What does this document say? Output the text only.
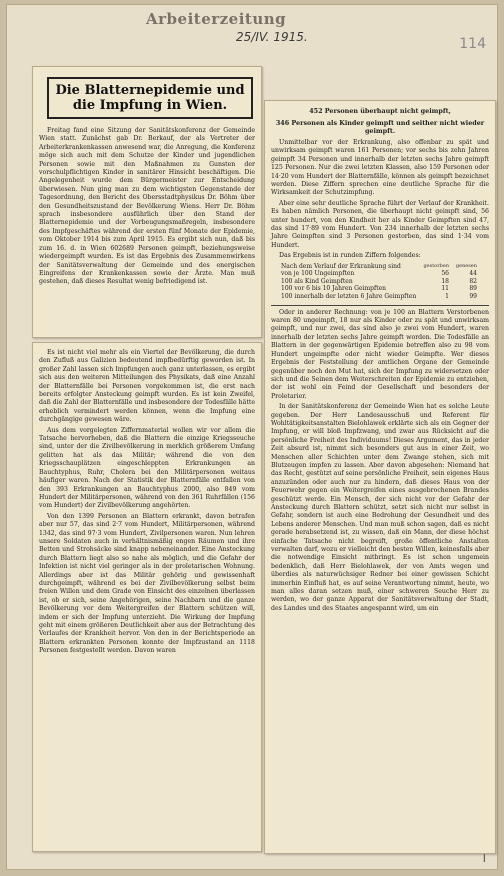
Arbeiterzeitung
25/IV. 1915.	114
Die Blatternepidemie und die Impfung in Wien.

Freitag fand eine Sitzung der Sanitätskonferenz der Gemeinde Wien statt. Zunächst gab Dr. Berkauf, der als Vertreter der Arbeiterkrankenkassen anwesend war, die Anregung, die Konferenz möge sich auch mit dem Schutze der Kinder und jugendlichen Personen sowie mit den Maßnahmen zu Gunsten der vorschulpflichtigen Kinder in sanitärer Hinsicht beschäftigen. Die Angelegenheit wurde dem Bürgermeister zur Entscheidung überwiesen. Nun ging man zu dem wichtigsten Gegenstande der Tagesordnung, den Bericht des Obersstadtphysikus Dr. Böhm über den Gesundheitszustand der Bevölkerung Wiens. Herr Dr. Böhm sprach insbesondere ausführlich über den Stand der Blatternepidemie und der Vorbeugungsmaßregeln, insbesondere des Impfgeschäftes während der ersten fünf Monate der Epidemie, vom Oktober 1914 bis zum April 1915. Es ergibt sich nun, daß bis zum 16. d. in Wien 602689 Personen geimpft, beziehungsweise wiedergeimpft wurden. Es ist das Ergebnis des Zusammenwirkens der Sanitätsverwaltung der Gemeinde und des energischen Eingreifens der Krankenkassen sowie der Ärzte. Man muß gestehen, daß dieses Resultat wenig befriedigend ist.

Es ist nicht viel mehr als ein Viertel der Bevölkerung, die durch den Zufluß aus Galizien bedeutend impfbedürftig geworden ist. In großer Zahl lassen sich Impfungen auch ganz unterlassen, es ergibt sich aus den weiteren Mitteilungen des Physikats, daß eine Anzahl der Blatternfälle bei Personen vorgekommen ist, die erst nach bereits erfolgter Ansteckung geimpft wurden. Es ist kein Zweifel, daß die Zahl der Blatternfälle und insbesondere der Todesfälle hätte erheblich vermindert werden können, wenn die Impfung eine durchgängige gewesen wäre.

Aus dem vorgelegten Ziffernmaterial wollen wir vor allem die Tatsache hervorheben, daß die Blattern die einzige Kriegsseuche sind, unter der die Zivilbevölkerung in merklich größerem Umfang gelitten hat als das Militär; während die von den Kriegsschauplätzen eingeschleppten Erkrankungen an Bauchtyphus, Ruhr, Cholera bei den Militärpersonen weitaus häufiger waren. Nach der Statistik der Blatternfälle entfallen von den 393 Erkrankungen an Bauchtyphus 2000, also 849 vom Hundert der Militärpersonen, während von den 361 Ruhrfällen (156 vom Hundert) der Zivilbevölkerung angehörten.

Von den 1399 Personen an Blattern erkrankt, davon betrafen aber nur 57, das sind 2·7 vom Hundert, Militärpersonen, während 1342, das sind 97·3 vom Hundert, Zivilpersonen waren. Nun lehren unsere Soldaten auch in verhältnismäßig engen Räumen und ihre Betten und Strohsäcke sind knapp nebeneinander. Eine Ansteckung durch Blattern liegt also so nahe als möglich, und die Gefahr der Infektion ist nicht viel geringer als in der proletarischen Wohnung. Allerdings aber ist das Militär gehörig und gewissenhaft durchgeimpft, während es bei der Zivilbevölkerung selbst beim freien Willen und dem Grade von Einsicht des einzelnen überlassen ist, ob er sich, seine Angehörigen, seine Nachbarn und die ganze Bevölkerung vor dem Weitergreifen der Blattern schützen will, indem er sich der Impfung unterzieht. Die Wirkung der Impfung geht mit einem größeren Deutlichkeit aber aus der Betrachtung des Verlaufes der Krankheit hervor. Von den in der Berichtsperiode an Blattern erkrankten Personen konnte der Impfzustand an 1118 Personen festgestellt werden. Davon waren

452 Personen überhaupt nicht geimpft,
346 Personen als Kinder geimpft und seither nicht wieder geimpft.

Unmittelbar vor der Erkrankung, also offenbar zu spät und unwirksam geimpft waren 161 Personen; vor sechs bis zehn Jahren geimpft 34 Personen und innerhalb der letzten sechs Jahre geimpft 125 Personen. Nur die zwei letzten Klassen, also 159 Personen oder 14·20 vom Hundert der Blatternfälle, können als geimpft bezeichnet werden. Diese Ziffern sprechen eine deutliche Sprache für die Wirksamkeit der Schutzimpfung.

Aber eine sehr deutliche Sprache führt der Verlauf der Krankheit. Es haben nämlich Personen, die überhaupt nicht geimpft sind, 56 unter hundert, von den Kindheit her als Kinder Geimpften sind 47, das sind 17·89 vom Hundert. Von 234 innerhalb der letzten sechs Jahre Geimpften sind 3 Personen gestorben, das sind 1·34 vom Hundert.

Das Ergebnis ist in runden Ziffern folgendes:

Nach dem Verlauf der Erkrankung sind	gestorben	genesen
von je 100 Ungeimpften	56	44
100 als Kind Geimpften	18	82
100 vor 6 bis 10 Jahren Geimpften	11	89
100 innerhalb der letzten 6 Jahre Geimpften	1	99

Oder in anderer Rechnung: von je 100 an Blattern Verstorbenen waren 80 ungeimpft, 18 nur als Kinder oder zu spät und unwirksam geimpft, und nur zwei, das sind also je zwei vom Hundert, waren innerhalb der letzten sechs Jahre geimpft worden. Die Todesfälle an Blattern in der gegenwärtigen Epidemie betreffen also zu 98 vom Hundert ungeimpfte oder nicht wieder Geimpfte. Wer dieses Ergebnis der Feststellung der amtlichen Organe der Gemeinde gegenüber noch den Mut hat, sich der Impfung zu widersetzen oder sich und die Seinen dem Weiterschreiten der Epidemie zu entziehen, der ist wohl ein Feind der Gesellschaft und besonders der Proletarier.

In der Sanitätskonferenz der Gemeinde Wien hat es solche Leute gegeben. Der Herr Landesausschuß und Referent für Wohltätigkeitsanstalten Bielohlawek erklärte sich als ein Gegner der Impfung, er will bloß Impfzwang, und zwar aus Rücksicht auf die persönliche Freiheit des Individuums! Dieses Argument, das in jeder Zeit absurd ist, nimmt sich besonders gut aus in einer Zeit, wo Menschen aller Schichten unter dem Zwange stehen, sich mit Blutzeugen impfen zu lassen. Aber davon abgesehen: Niemand hat das Recht, gestützt auf seine persönliche Freiheit, sein eigenes Haus anzuzünden oder auch nur zu hindern, daß dieses Haus von der Feuerwehr gegen ein Weitergreifen eines ausgebrochenen Brandes geschützt werde. Ein Mensch, der sich nicht vor der Gefahr der Ansteckung durch Blattern schützt, setzt sich nicht nur selbst in Gefahr, sondern ist auch eine Bedrohung der Gesundheit und des Lebens anderer Menschen. Und man muß schon sagen, daß es nicht gerade herabsetzend ist, zu wissen, daß ein Mann, der diese höchst einfache Tatsache nicht begreift, große öffentliche Anstalten verwalten darf, wozu er vielleicht den besten Willen, keinesfalls aber die notwendige Einsicht mitbringt. Es ist schon ungemein bedenklich, daß Herr Bielohlawek, der von Amts wegen und überdies als naturwüchsiger Redner bei einer gewissen Schicht immerhin Einfluß hat, es auf seine Verantwortung nimmt, heute, wo man alles daran setzen muß, einer schweren Seuche Herr zu werden, wo der ganze Apparat der Sanitätsverwaltung der Stadt, des Landes und des Staates angespannt wird, um ein

I
